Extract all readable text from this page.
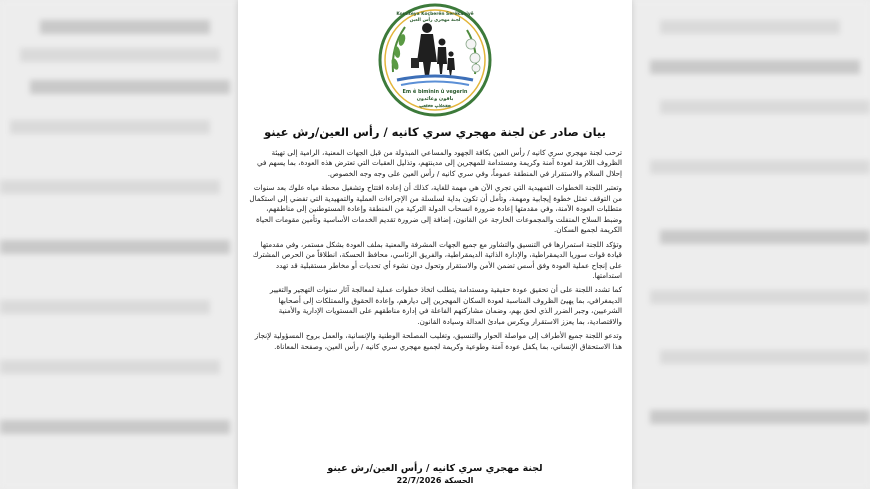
Komîteya Koçberên Serêkaniyê
لجنة مهجري رأس العين
Em ê bimînin û vegerin
باقون وعائدون
ܡܫܬܐܪܝܢ ܘܗܦܟܝܢ
بيان صادر عن لجنة مهجري سري كانيه / رأس العين/رش عينو

ترحب لجنة مهجري سري كانيه / رأس العين بكافة الجهود والمساعي المبذولة من قبل الجهات المعنية، الرامية إلى تهيئة الظروف اللازمة لعودة آمنة وكريمة ومستدامة للمهجرين إلى مدينتهم، وتذليل العقبات التي تعترض هذه العودة، بما يسهم في إحلال السلام والاستقرار في المنطقة عموماً، وفي سري كانيه / رأس العين على وجه وجه الخصوص.

وتعتبر اللجنة الخطوات التمهيدية التي تجري الآن هي مهمة للغاية، كذلك أن إعادة افتتاح وتشغيل محطة مياه علوك بعد سنوات من التوقف تمثل خطوة إيجابية ومهمة، وتأمل أن تكون بداية لسلسلة من الإجراءات العملية والتمهيدية التي تفضي إلى استكمال متطلبات العودة الآمنة، وفي مقدمتها إعادة ضرورة انسحاب الدولة التركية من المنطقة وإعادة المستوطنين إلى مناطقهم، وضبط السلاح المنفلت والمجموعات الخارجة عن القانون، إضافة إلى ضرورة تقديم الخدمات الأساسية وتأمين مقومات الحياة الكريمة لجميع السكان.

وتؤكد اللجنة استمرارها في التنسيق والتشاور مع جميع الجهات المشرفة والمعنية بملف العودة بشكل مستمر، وفي مقدمتها قيادة قوات سوريا الديمقراطية، والإدارة الذاتية الديمقراطية، والفريق الرئاسي، محافظ الحسكة، انطلاقاً من الحرص المشترك على إنجاح عملية العودة وفق أسس تضمن الأمن والاستقرار وتحول دون نشوء أي تحديات أو مخاطر مستقبلية قد تهدد استدامتها.

كما تشدد اللجنة على أن تحقيق عودة حقيقية ومستدامة يتطلب اتخاذ خطوات عملية لمعالجة آثار سنوات التهجير والتغيير الديمغرافي، بما يهيئ الظروف المناسبة لعودة السكان المهجرين إلى ديارهم، وإعادة الحقوق والممتلكات إلى أصحابها الشرعيين، وجبر الضرر الذي لحق بهم، وضمان مشاركتهم الفاعلة في إدارة مناطقهم على المستويات الإدارية والأمنية والاقتصادية، بما يعزز الاستقرار ويكرس مبادئ العدالة وسيادة القانون.

وتدعو اللجنة جميع الأطراف إلى مواصلة الحوار والتنسيق، وتغليب المصلحة الوطنية والإنسانية، والعمل بروح المسؤولية لإنجاز هذا الاستحقاق الإنساني، بما يكفل عودة آمنة وطوعية وكريمة لجميع مهجري سري كانيه / رأس العين، وصفحة المعاناة.

لجنة مهجري سري كانيه / رأس العين/رش عينو
الحسكة 22/7/2026
